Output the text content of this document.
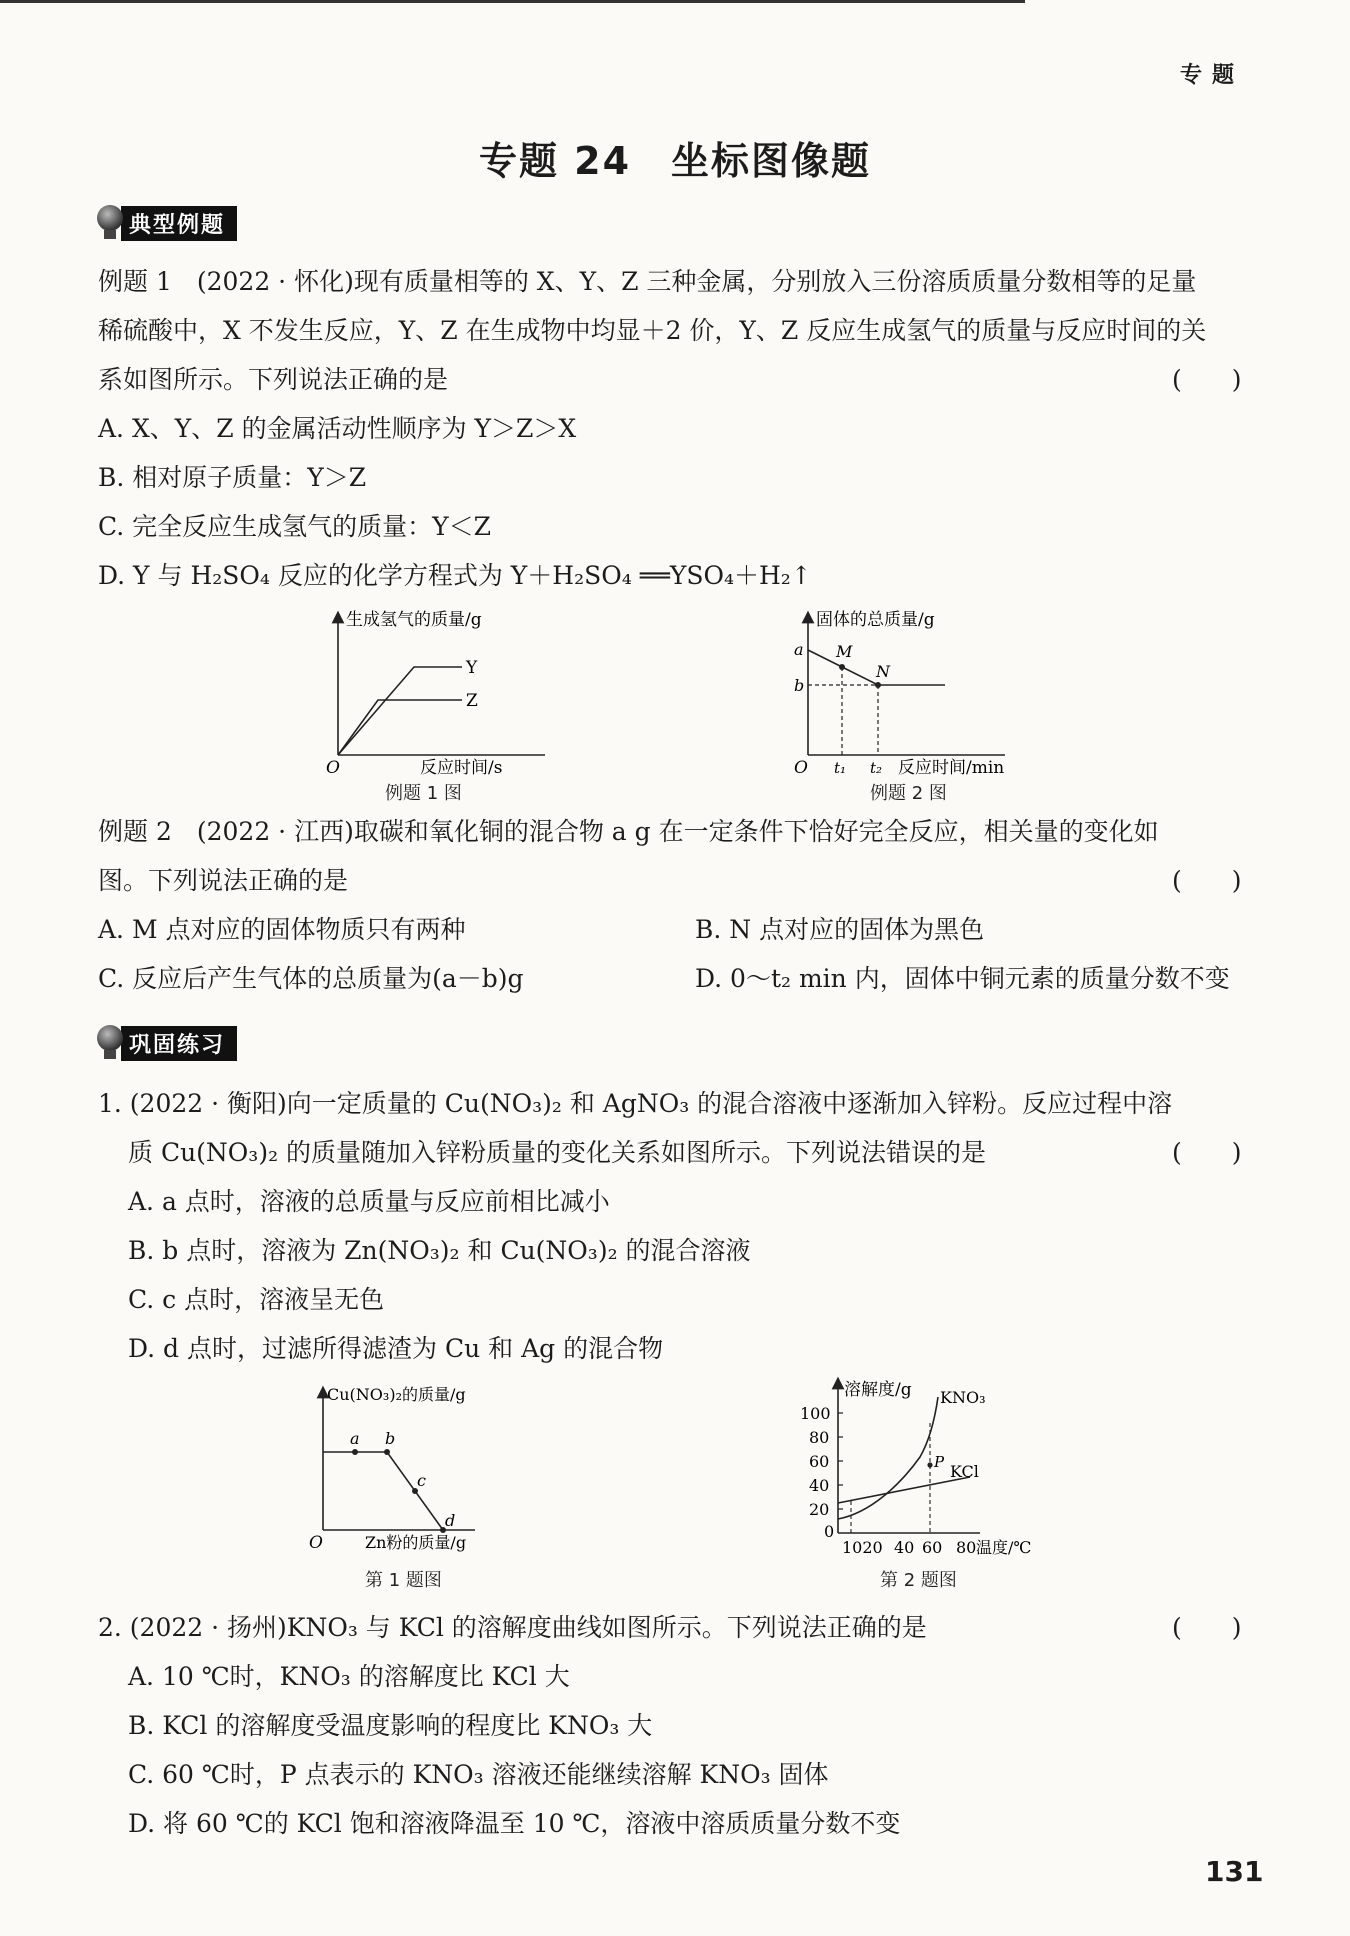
专题
专题 24　坐标图像题
典型例题
例题 1　(2022 · 怀化)现有质量相等的 X、Y、Z 三种金属，分别放入三份溶质质量分数相等的足量
稀硫酸中，X 不发生反应，Y、Z 在生成物中均显＋2 价，Y、Z 反应生成氢气的质量与反应时间的关
系如图所示。下列说法正确的是	(　　)
A. X、Y、Z 的金属活动性顺序为 Y＞Z＞X
B. 相对原子质量：Y＞Z
C. 完全反应生成氢气的质量：Y＜Z
D. Y 与 H₂SO₄ 反应的化学方程式为 Y＋H₂SO₄ ══YSO₄＋H₂↑
生成氢气的质量/g
Y
Z
O	反应时间/s
例题 1 图
固体的总质量/g
a
b
M
N
O t₁ t₂ 反应时间/min
例题 2 图
例题 2　(2022 · 江西)取碳和氧化铜的混合物 a g 在一定条件下恰好完全反应，相关量的变化如
图。下列说法正确的是	(　　)
A. M 点对应的固体物质只有两种	B. N 点对应的固体为黑色
C. 反应后产生气体的总质量为(a－b)g	D. 0～t₂ min 内，固体中铜元素的质量分数不变
巩固练习
1. (2022 · 衡阳)向一定质量的 Cu(NO₃)₂ 和 AgNO₃ 的混合溶液中逐渐加入锌粉。反应过程中溶
质 Cu(NO₃)₂ 的质量随加入锌粉质量的变化关系如图所示。下列说法错误的是	(　　)
A. a 点时，溶液的总质量与反应前相比减小
B. b 点时，溶液为 Zn(NO₃)₂ 和 Cu(NO₃)₂ 的混合溶液
C. c 点时，溶液呈无色
D. d 点时，过滤所得滤渣为 Cu 和 Ag 的混合物
Cu(NO₃)₂的质量/g
a b
c
d
O	Zn粉的质量/g
第 1 题图
100
80
60
40
20
溶解度/g KNO₃
P KCl
0
1020 40 60 80 温度/℃
第 2 题图
2. (2022 · 扬州)KNO₃ 与 KCl 的溶解度曲线如图所示。下列说法正确的是	(　　)
A. 10 ℃时，KNO₃ 的溶解度比 KCl 大
B. KCl 的溶解度受温度影响的程度比 KNO₃ 大
C. 60 ℃时，P 点表示的 KNO₃ 溶液还能继续溶解 KNO₃ 固体
D. 将 60 ℃的 KCl 饱和溶液降温至 10 ℃，溶液中溶质质量分数不变
131
